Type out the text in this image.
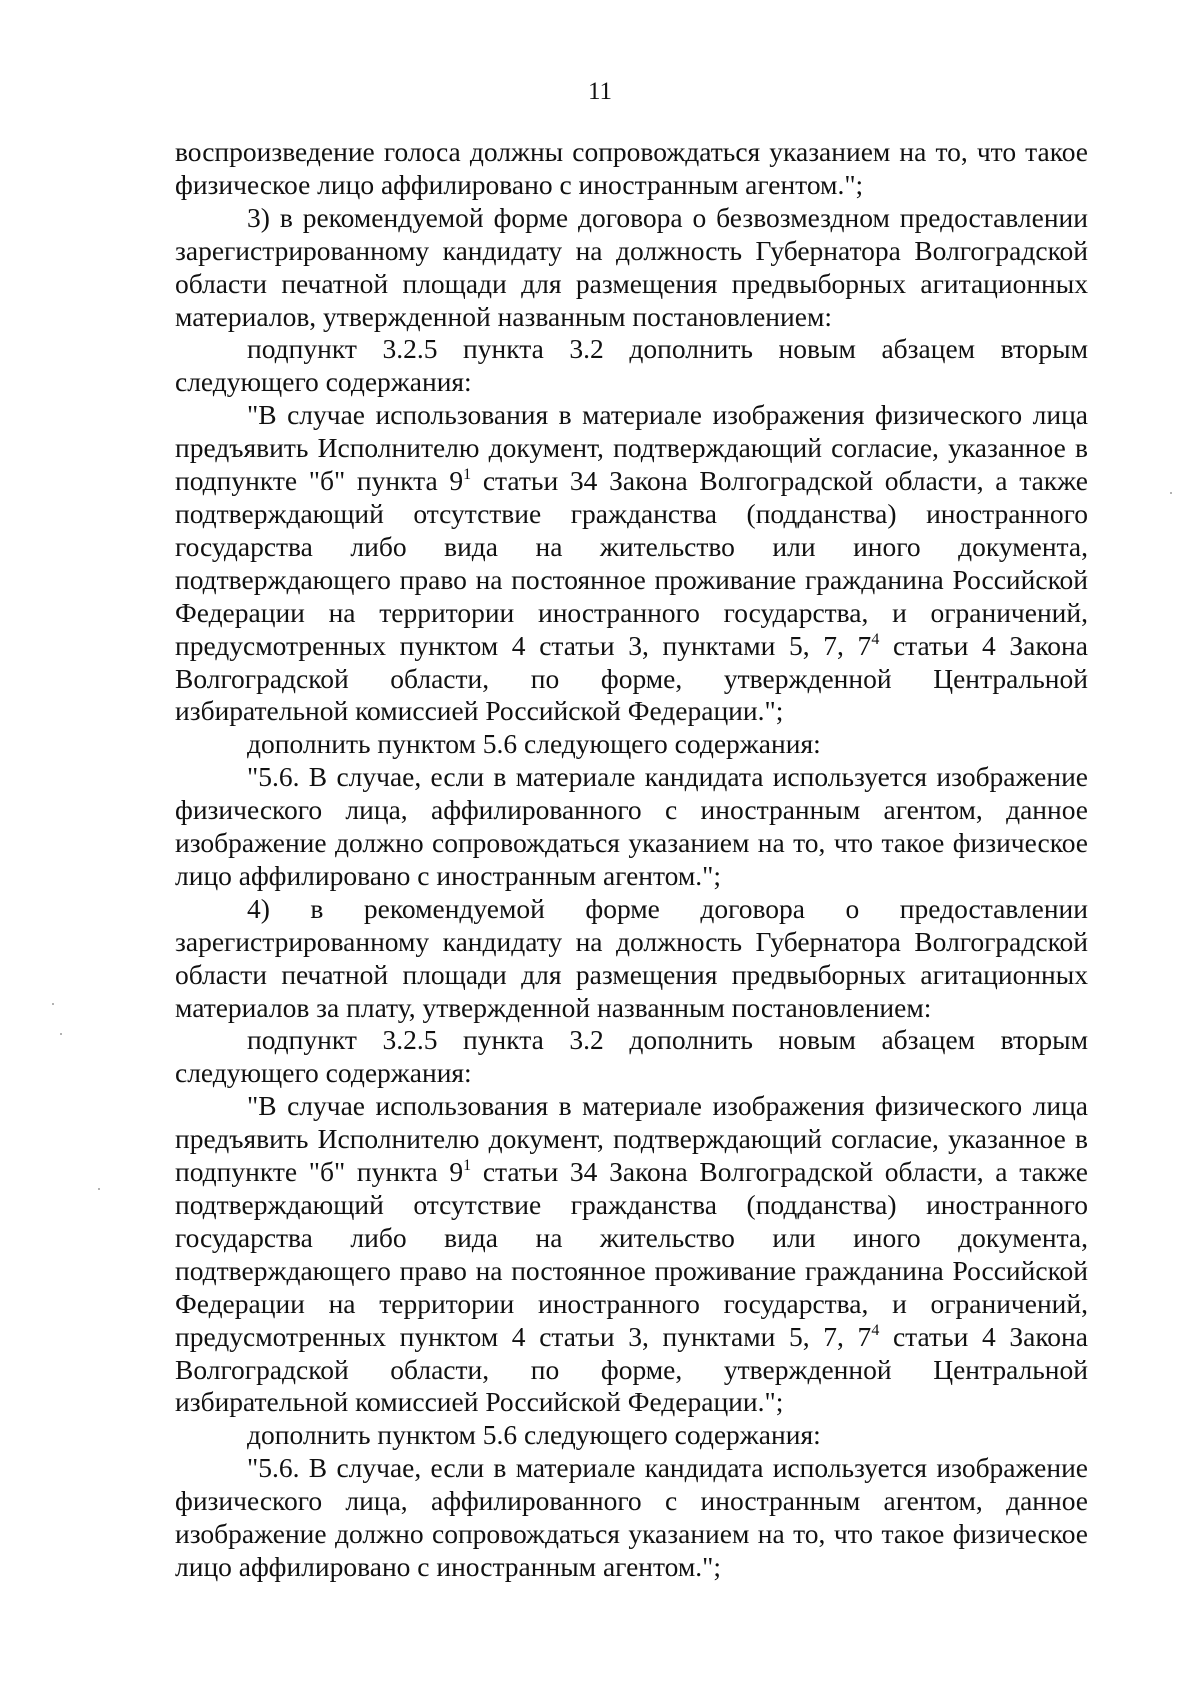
11

воспроизведение голоса должны сопровождаться указанием на то, что такое физическое лицо аффилировано с иностранным агентом.";

3) в рекомендуемой форме договора о безвозмездном предоставлении зарегистрированному кандидату на должность Губернатора Волгоградской области печатной площади для размещения предвыборных агитационных материалов, утвержденной названным постановлением:

подпункт 3.2.5 пункта 3.2 дополнить новым абзацем вторым следующего содержания:

"В случае использования в материале изображения физического лица предъявить Исполнителю документ, подтверждающий согласие, указанное в подпункте "б" пункта $9^1$ статьи 34 Закона Волгоградской области, а также подтверждающий отсутствие гражданства (подданства) иностранного государства либо вида на жительство или иного документа, подтверждающего право на постоянное проживание гражданина Российской Федерации на территории иностранного государства, и ограничений, предусмотренных пунктом 4 статьи 3, пунктами 5, 7, $7^4$ статьи 4 Закона Волгоградской области, по форме, утвержденной Центральной избирательной комиссией Российской Федерации.";

дополнить пунктом 5.6 следующего содержания:

"5.6. В случае, если в материале кандидата используется изображение физического лица, аффилированного с иностранным агентом, данное изображение должно сопровождаться указанием на то, что такое физическое лицо аффилировано с иностранным агентом.";

4) в рекомендуемой форме договора о предоставлении зарегистрированному кандидату на должность Губернатора Волгоградской области печатной площади для размещения предвыборных агитационных материалов за плату, утвержденной названным постановлением:

подпункт 3.2.5 пункта 3.2 дополнить новым абзацем вторым следующего содержания:

"В случае использования в материале изображения физического лица предъявить Исполнителю документ, подтверждающий согласие, указанное в подпункте "б" пункта $9^1$ статьи 34 Закона Волгоградской области, а также подтверждающий отсутствие гражданства (подданства) иностранного государства либо вида на жительство или иного документа, подтверждающего право на постоянное проживание гражданина Российской Федерации на территории иностранного государства, и ограничений, предусмотренных пунктом 4 статьи 3, пунктами 5, 7, $7^4$ статьи 4 Закона Волгоградской области, по форме, утвержденной Центральной избирательной комиссией Российской Федерации.";

дополнить пунктом 5.6 следующего содержания:

"5.6. В случае, если в материале кандидата используется изображение физического лица, аффилированного с иностранным агентом, данное изображение должно сопровождаться указанием на то, что такое физическое лицо аффилировано с иностранным агентом.";
